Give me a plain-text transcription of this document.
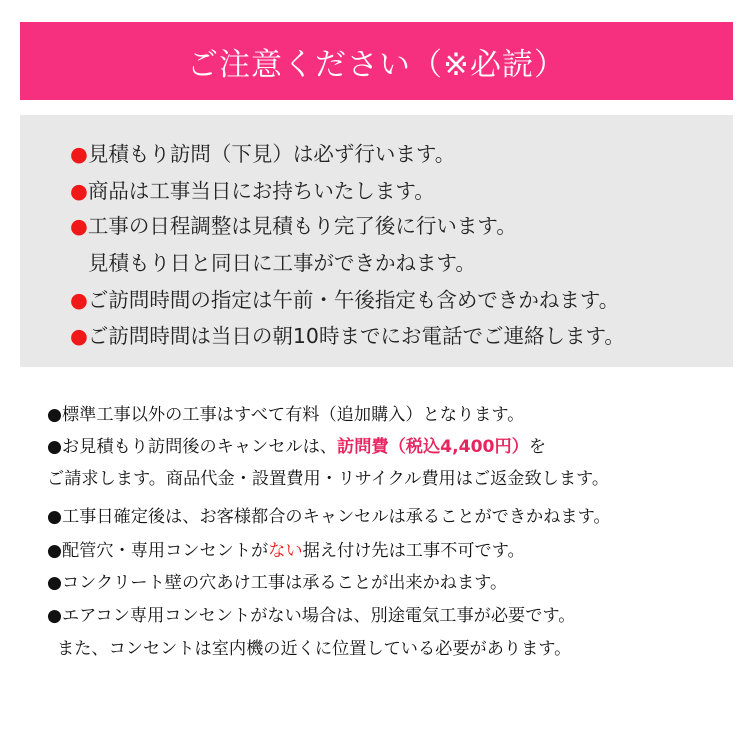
ご注意ください（※必読）
●見積もり訪問（下見）は必ず行います。
●商品は工事当日にお持ちいたします。
●工事の日程調整は見積もり完了後に行います。
見積もり日と同日に工事ができかねます。
●ご訪問時間の指定は午前・午後指定も含めできかねます。
●ご訪問時間は当日の朝10時までにお電話でご連絡します。
●標準工事以外の工事はすべて有料（追加購入）となります。
●お見積もり訪問後のキャンセルは、訪問費（税込4,400円）を
ご請求します。商品代金・設置費用・リサイクル費用はご返金致します。
●工事日確定後は、お客様都合のキャンセルは承ることができかねます。
●配管穴・専用コンセントがない据え付け先は工事不可です。
●コンクリート壁の穴あけ工事は承ることが出来かねます。
●エアコン専用コンセントがない場合は、別途電気工事が必要です。
また、コンセントは室内機の近くに位置している必要があります。
